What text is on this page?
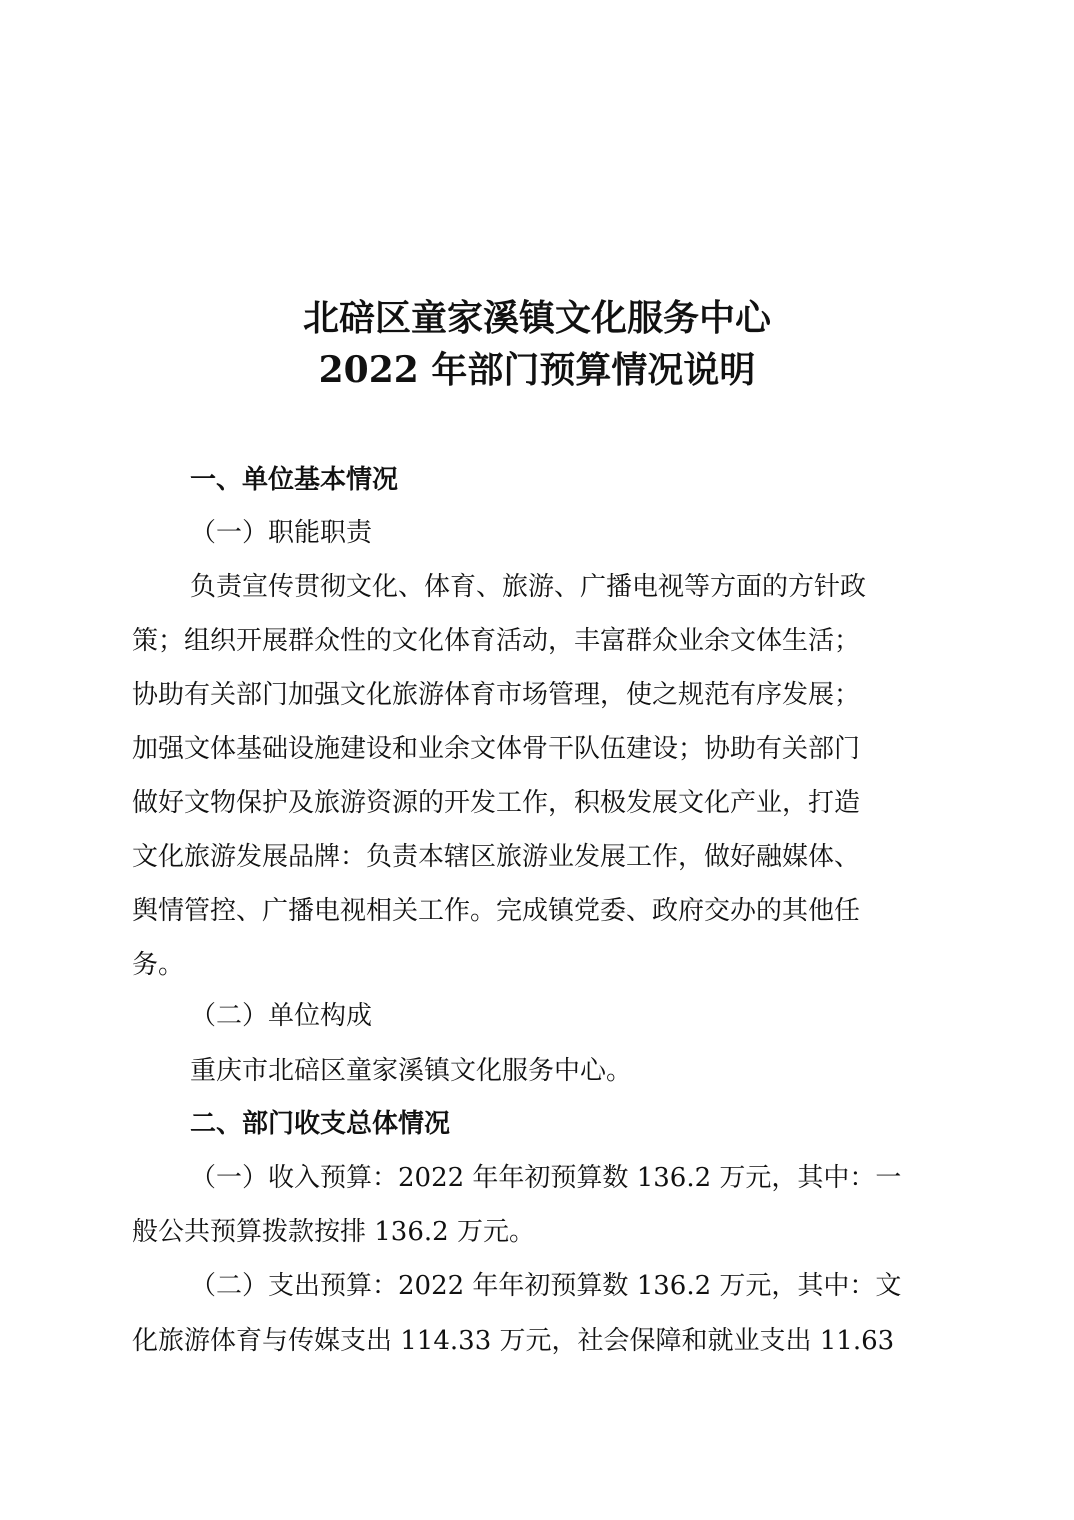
北碚区童家溪镇文化服务中心
2022 年部门预算情况说明
一、单位基本情况
（一）职能职责
负责宣传贯彻文化、体育、旅游、广播电视等方面的方针政
策；组织开展群众性的文化体育活动，丰富群众业余文体生活；
协助有关部门加强文化旅游体育市场管理，使之规范有序发展；
加强文体基础设施建设和业余文体骨干队伍建设；协助有关部门
做好文物保护及旅游资源的开发工作，积极发展文化产业，打造
文化旅游发展品牌：负责本辖区旅游业发展工作，做好融媒体、
舆情管控、广播电视相关工作。完成镇党委、政府交办的其他任
务。
（二）单位构成
重庆市北碚区童家溪镇文化服务中心。
二、部门收支总体情况
（一）收入预算：2022 年年初预算数 136.2 万元，其中：一
般公共预算拨款按排 136.2 万元。
（二）支出预算：2022 年年初预算数 136.2 万元，其中：文
化旅游体育与传媒支出 114.33 万元，社会保障和就业支出 11.63
